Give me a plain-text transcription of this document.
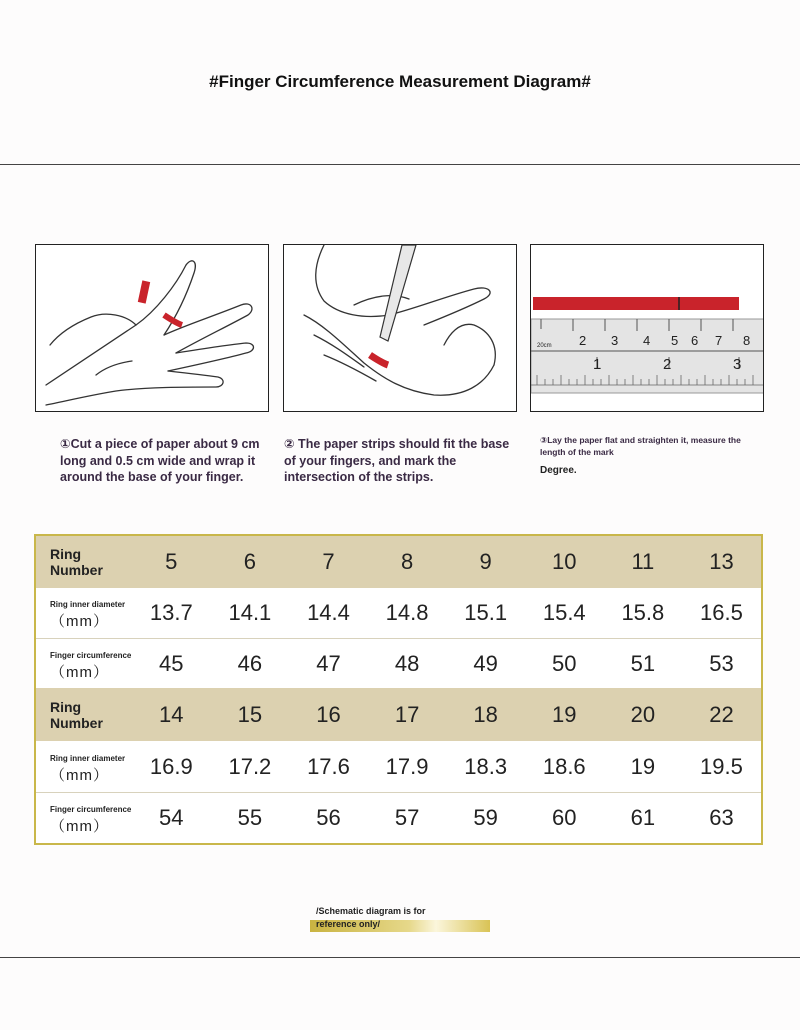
#Finger Circumference Measurement Diagram#
20cm 2 3 4 5 6 7 8
1	2	3
①Cut a piece of paper about 9 cm long and 0.5 cm wide and wrap it around the base of your finger.
② The paper strips should fit the base of your fingers, and mark the intersection of the strips.
③Lay the paper flat and straighten it, measure the length of the mark
Degree.
Ring Number	5	6	7	8	9	10	11	13
Ring inner diameter
（mm）	13.7	14.1	14.4	14.8	15.1	15.4	15.8	16.5
Finger circumference
（mm）	45	46	47	48	49	50	51	53
Ring Number	14	15	16	17	18	19	20	22
Ring inner diameter
（mm）	16.9	17.2	17.6	17.9	18.3	18.6	19	19.5
Finger circumference
（mm）	54	55	56	57	59	60	61	63
/Schematic diagram is for
reference only/
